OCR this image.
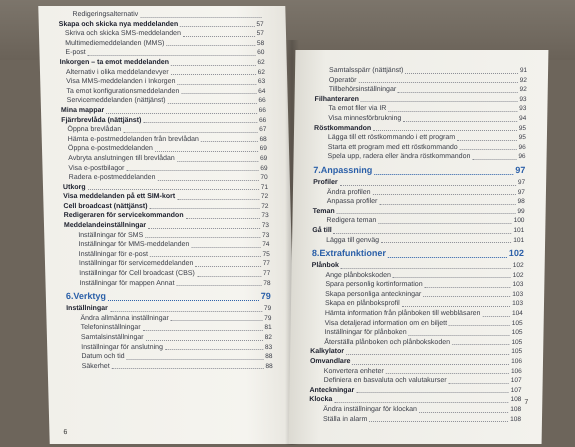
Redigeringsalternativ
Skapa och skicka nya meddelanden	57
Skriva och skicka SMS-meddelanden	57
Multimediemeddelanden (MMS)	58
E-post	60
Inkorgen – ta emot meddelanden	62
Alternativ i olika meddelandevyer	62
Visa MMS-meddelanden i Inkorgen	63
Ta emot konfigurationsmeddelanden	64
Servicemeddelanden (nättjänst)	66
Mina mappar	66
Fjärrbrevlåda (nättjänst)	66
Öppna brevlådan	67
Hämta e-postmeddelanden från brevlådan	68
Öppna e-postmeddelanden	69
Avbryta anslutningen till brevlådan	69
Visa e-postbilagor	69
Radera e-postmeddelanden	70
Utkorg	71
Visa meddelanden på ett SIM-kort	72
Cell broadcast (nättjänst)	72
Redigeraren för servicekommandon	73
Meddelandeinställningar	73
Inställningar för SMS	73
Inställningar för MMS-meddelanden	74
Inställningar för e-post	75
Inställningar för servicemeddelanden	77
Inställningar för Cell broadcast (CBS)	77
Inställningar för mappen Annat	78
6.Verktyg	79
Inställningar	79
Ändra allmänna inställningar	79
Telefoninställningar	81
Samtalsinställningar	82
Inställningar för anslutning	83
Datum och tid	88
Säkerhet	88
6
Samtalsspärr (nättjänst)	91
Operatör	92
Tillbehörsinställningar	92
Filhanteraren	93
Ta emot filer via IR	93
Visa minnesförbrukning	94
Röstkommandon	95
Lägga till ett röstkommando i ett program	95
Starta ett program med ett röstkommando	96
Spela upp, radera eller ändra röstkommandon	96
7.Anpassning	97
Profiler	97
Ändra profilen	97
Anpassa profiler	98
Teman	99
Redigera teman	100
Gå till	101
Lägga till genväg	101
8.Extrafunktioner	102
Plånbok	102
Ange plånbokskoden	102
Spara personlig kortinformation	103
Skapa personliga anteckningar	103
Skapa en plånboksprofil	103
Hämta information från plånboken till webbläsaren	104
Visa detaljerad information om en biljett	105
Inställningar för plånboken	105
Återställa plånboken och plånbokskoden	105
Kalkylator	105
Omvandlare	106
Konvertera enheter	106
Definiera en basvaluta och valutakurser	107
Anteckningar	107
Klocka	108
Ändra inställningar för klockan	108
Ställa in alarm	108
7
